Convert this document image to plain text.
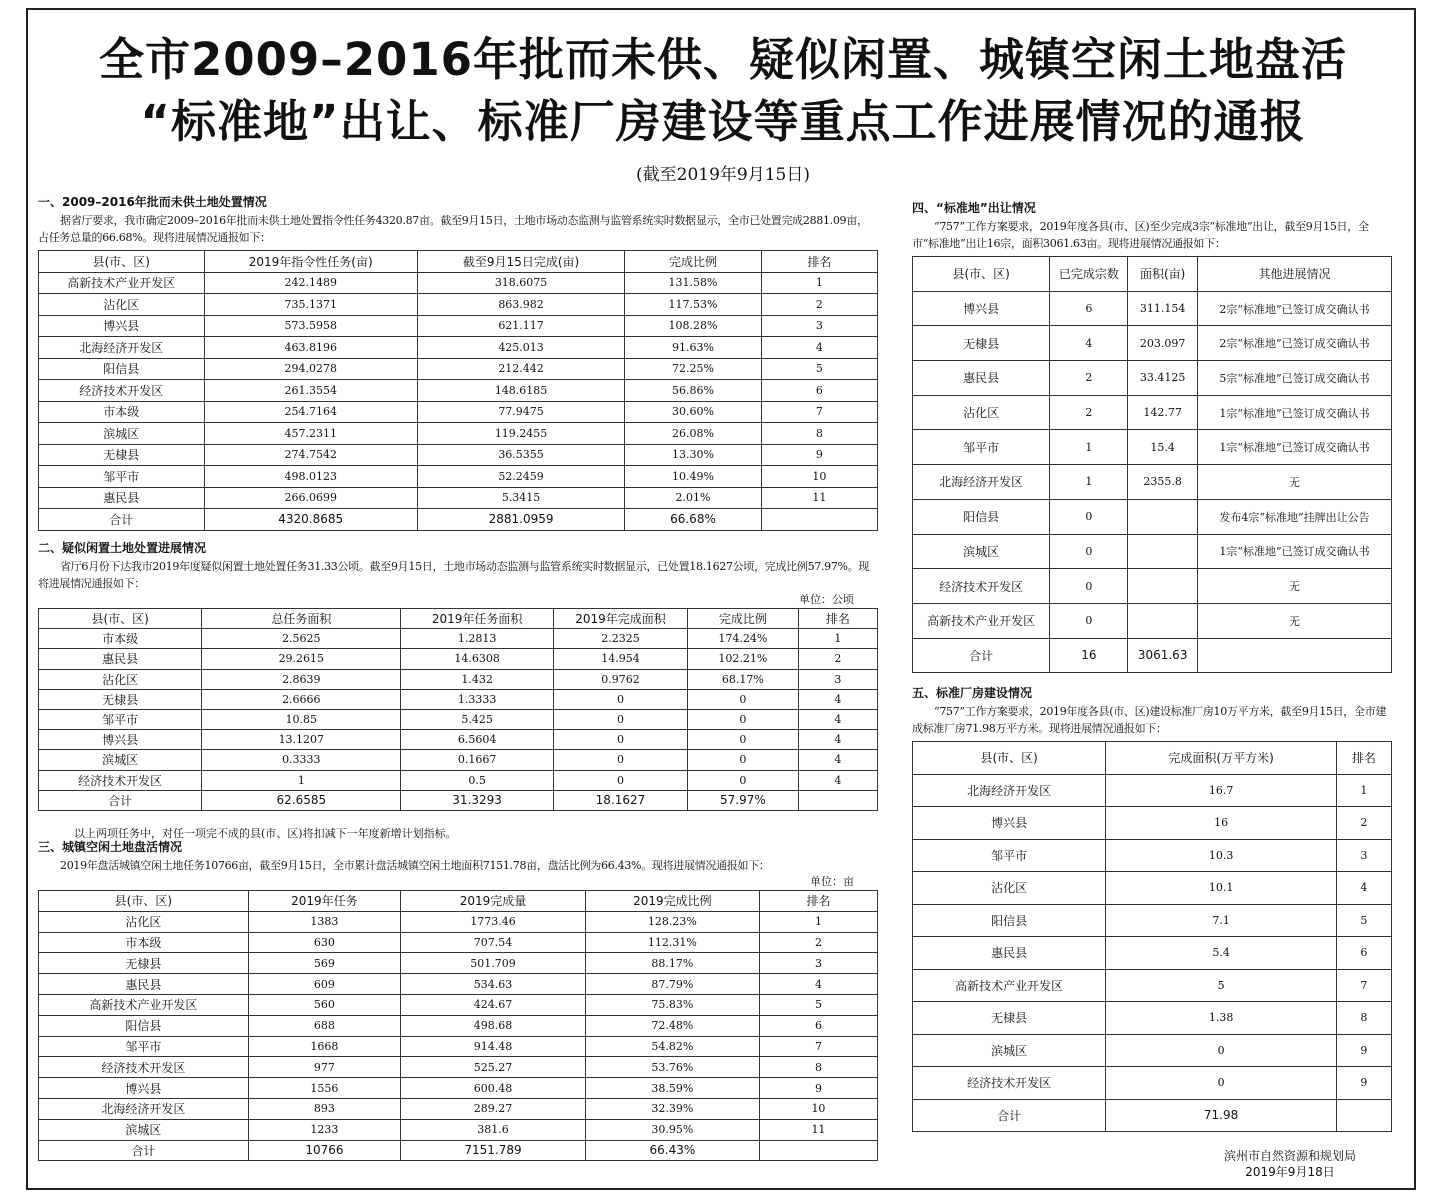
全市2009–2016年批而未供、疑似闲置、城镇空闲土地盘活
“标准地”出让、标准厂房建设等重点工作进展情况的通报
(截至2019年9月15日)
一、2009–2016年批而未供土地处置情况

据省厅要求，我市确定2009–2016年批而未供土地处置指令性任务4320.87亩。截至9月15日，土地市场动态监测与监管系统实时数据显示，全市已处置完成2881.09亩，占任务总量的66.68%。现将进展情况通报如下：

县(市、区)	2019年指令性任务(亩)	截至9月15日完成(亩)	完成比例	排名
高新技术产业开发区	242.1489	318.6075	131.58%	1
沾化区	735.1371	863.982	117.53%	2
博兴县	573.5958	621.117	108.28%	3
北海经济开发区	463.8196	425.013	91.63%	4
阳信县	294.0278	212.442	72.25%	5
经济技术开发区	261.3554	148.6185	56.86%	6
市本级	254.7164	77.9475	30.60%	7
滨城区	457.2311	119.2455	26.08%	8
无棣县	274.7542	36.5355	13.30%	9
邹平市	498.0123	52.2459	10.49%	10
惠民县	266.0699	5.3415	2.01%	11
合计	4320.8685	2881.0959	66.68%	
二、疑似闲置土地处置进展情况

省厅6月份下达我市2019年度疑似闲置土地处置任务31.33公顷。截至9月15日，土地市场动态监测与监管系统实时数据显示，已处置18.1627公顷，完成比例57.97%。现将进展情况通报如下：

单位：公顷
县(市、区)	总任务面积	2019年任务面积	2019年完成面积	完成比例	排名
市本级	2.5625	1.2813	2.2325	174.24%	1
惠民县	29.2615	14.6308	14.954	102.21%	2
沾化区	2.8639	1.432	0.9762	68.17%	3
无棣县	2.6666	1.3333	0	0	4
邹平市	10.85	5.425	0	0	4
博兴县	13.1207	6.5604	0	0	4
滨城区	0.3333	0.1667	0	0	4
经济技术开发区	1	0.5	0	0	4
合计	62.6585	31.3293	18.1627	57.97%	
以上两项任务中，对任一项完不成的县(市、区)将扣减下一年度新增计划指标。
三、城镇空闲土地盘活情况

2019年盘活城镇空闲土地任务10766亩，截至9月15日，全市累计盘活城镇空闲土地面积7151.78亩，盘活比例为66.43%。现将进展情况通报如下：

单位：亩
县(市、区)	2019年任务	2019完成量	2019完成比例	排名
沾化区	1383	1773.46	128.23%	1
市本级	630	707.54	112.31%	2
无棣县	569	501.709	88.17%	3
惠民县	609	534.63	87.79%	4
高新技术产业开发区	560	424.67	75.83%	5
阳信县	688	498.68	72.48%	6
邹平市	1668	914.48	54.82%	7
经济技术开发区	977	525.27	53.76%	8
博兴县	1556	600.48	38.59%	9
北海经济开发区	893	289.27	32.39%	10
滨城区	1233	381.6	30.95%	11
合计	10766	7151.789	66.43%	
四、“标准地”出让情况

“757”工作方案要求，2019年度各县(市、区)至少完成3宗“标准地”出让，截至9月15日，全市“标准地”出让16宗，面积3061.63亩。现将进展情况通报如下：

县(市、区)	已完成宗数	面积(亩)	其他进展情况
博兴县	6	311.154	2宗“标准地”已签订成交确认书
无棣县	4	203.097	2宗“标准地”已签订成交确认书
惠民县	2	33.4125	5宗“标准地”已签订成交确认书
沾化区	2	142.77	1宗“标准地”已签订成交确认书
邹平市	1	15.4	1宗“标准地”已签订成交确认书
北海经济开发区	1	2355.8	无
阳信县	0		发布4宗“标准地”挂牌出让公告
滨城区	0		1宗“标准地”已签订成交确认书
经济技术开发区	0		无
高新技术产业开发区	0		无
合计	16	3061.63	
五、标准厂房建设情况

“757”工作方案要求，2019年度各县(市、区)建设标准厂房10万平方米，截至9月15日，全市建成标准厂房71.98万平方米。现将进展情况通报如下：

县(市、区)	完成面积(万平方米)	排名
北海经济开发区	16.7	1
博兴县	16	2
邹平市	10.3	3
沾化区	10.1	4
阳信县	7.1	5
惠民县	5.4	6
高新技术产业开发区	5	7
无棣县	1.38	8
滨城区	0	9
经济技术开发区	0	9
合计	71.98	
滨州市自然资源和规划局
2019年9月18日
